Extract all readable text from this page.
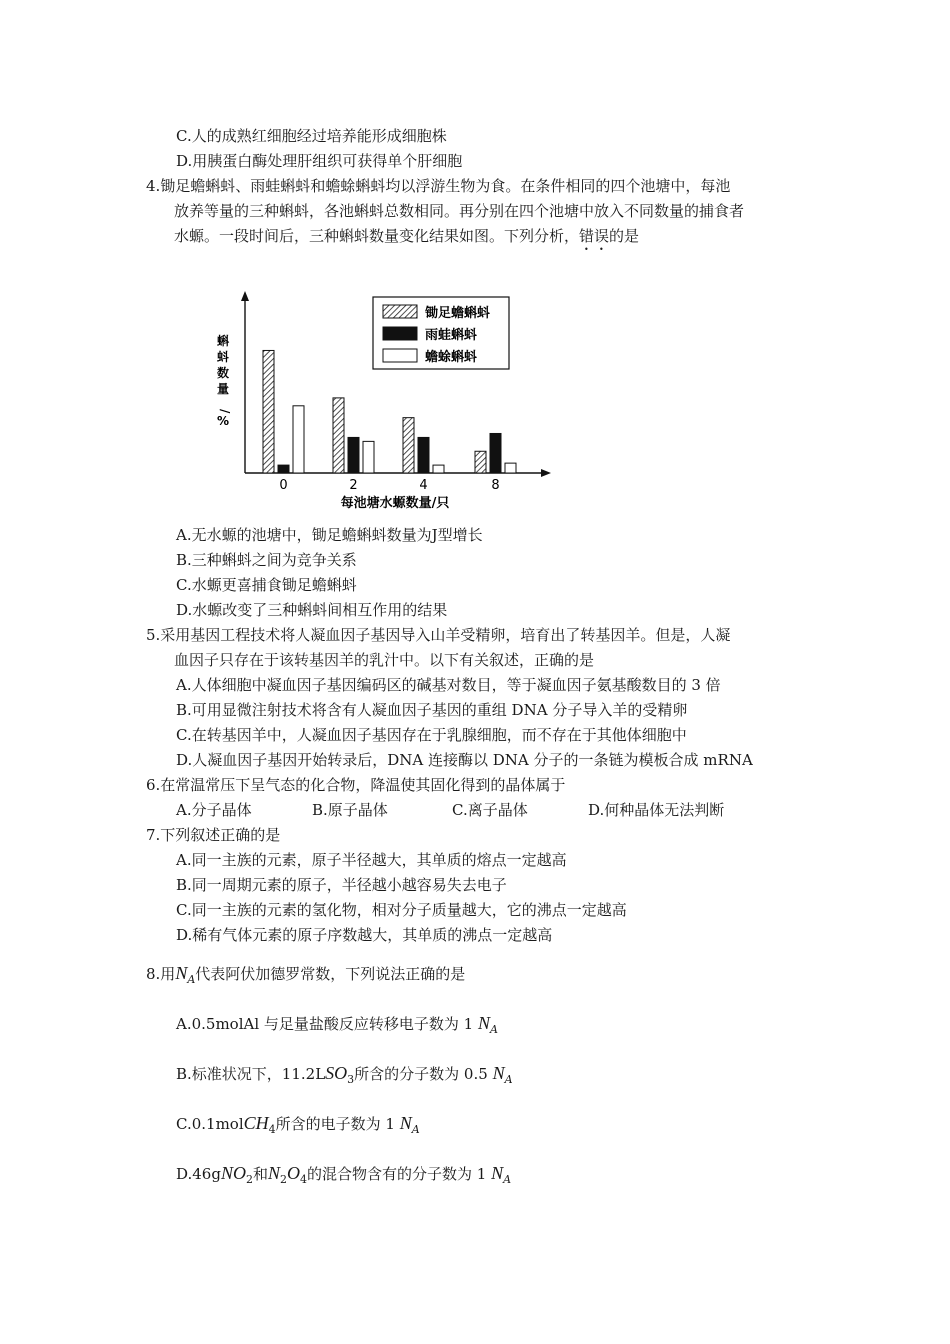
C.人的成熟红细胞经过培养能形成细胞株
D.用胰蛋白酶处理肝组织可获得单个肝细胞
4.锄足蟾蝌蚪、雨蛙蝌蚪和蟾蜍蝌蚪均以浮游生物为食。在条件相同的四个池塘中，每池
放养等量的三种蝌蚪，各池蝌蚪总数相同。再分别在四个池塘中放入不同数量的捕食者
水螈。一段时间后，三种蝌蚪数量变化结果如图。下列分析，错误的是
蝌蚪数量/ %
0	2	4	8
每池塘水螈数量/只
锄足蟾蝌蚪
雨蛙蝌蚪
蟾蜍蝌蚪
A.无水螈的池塘中，锄足蟾蝌蚪数量为J型增长
B.三种蝌蚪之间为竞争关系
C.水螈更喜捕食锄足蟾蝌蚪
D.水螈改变了三种蝌蚪间相互作用的结果
5.采用基因工程技术将人凝血因子基因导入山羊受精卵，培育出了转基因羊。但是，人凝
血因子只存在于该转基因羊的乳汁中。以下有关叙述，正确的是
A.人体细胞中凝血因子基因编码区的碱基对数目，等于凝血因子氨基酸数目的 3 倍
B.可用显微注射技术将含有人凝血因子基因的重组 DNA 分子导入羊的受精卵
C.在转基因羊中，人凝血因子基因存在于乳腺细胞，而不存在于其他体细胞中
D.人凝血因子基因开始转录后，DNA 连接酶以 DNA 分子的一条链为模板合成 mRNA
6.在常温常压下呈气态的化合物，降温使其固化得到的晶体属于
A.分子晶体	B.原子晶体	C.离子晶体	D.何种晶体无法判断
7.下列叙述正确的是
A.同一主族的元素，原子半径越大，其单质的熔点一定越高
B.同一周期元素的原子，半径越小越容易失去电子
C.同一主族的元素的氢化物，相对分子质量越大，它的沸点一定越高
D.稀有气体元素的原子序数越大，其单质的沸点一定越高
8.用$N_A$代表阿伏加德罗常数，下列说法正确的是
A.0.5molAl 与足量盐酸反应转移电子数为 1 $N_A$
B.标准状况下，$11.2LSO_3$所含的分子数为 0.5 $N_A$
C.0.1molCH$_4$所含的电子数为 1 $N_A$
D.46gNO$_2$和$N_2O_4$的混合物含有的分子数为 1 $N_A$
